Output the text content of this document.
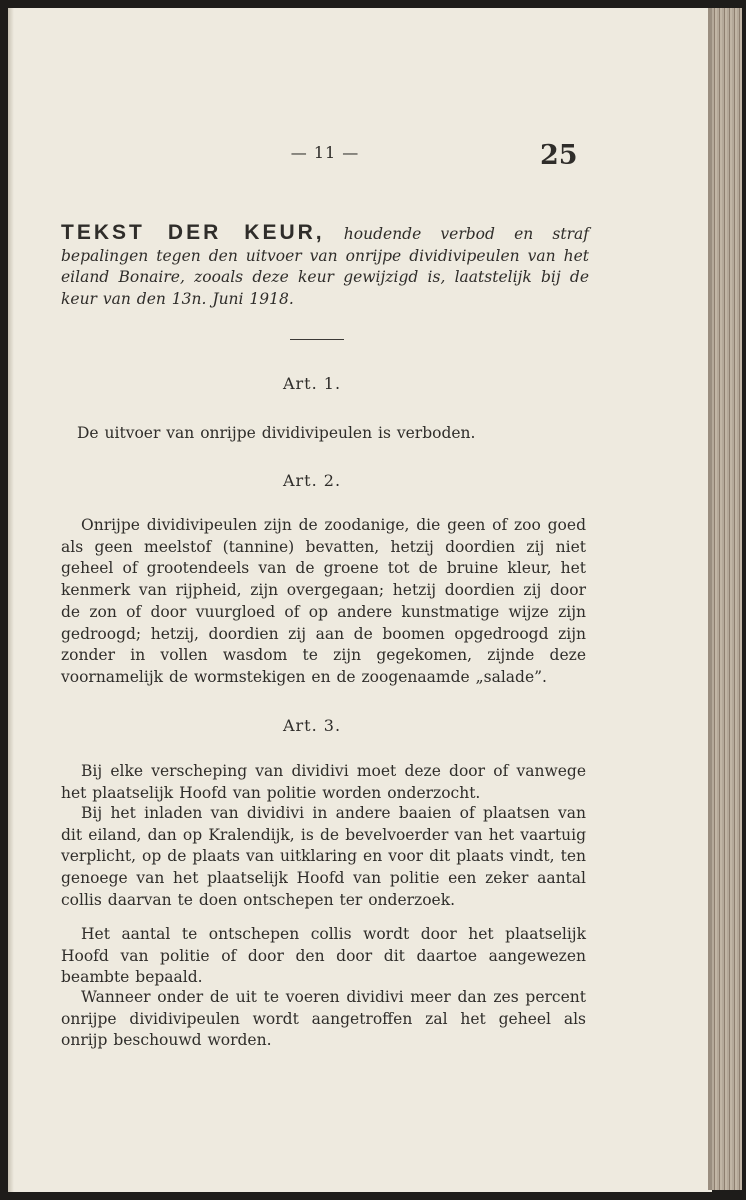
— 11 —	25
TEKST DER KEUR, houdende verbod en straf bepalingen tegen den uitvoer van onrijpe dividivipeulen van het eiland Bonaire, zooals deze keur gewijzigd is, laatstelijk bij de keur van den 13n. Juni 1918.
Art. 1.
De uitvoer van onrijpe dividivipeulen is verboden.
Art. 2.
Onrijpe dividivipeulen zijn de zoodanige, die geen of zoo goed als geen meelstof (tannine) bevatten, hetzij doordien zij niet geheel of grootendeels van de groene tot de bruine kleur, het kenmerk van rijpheid, zijn overgegaan; hetzij doordien zij door de zon of door vuurgloed of op andere kunstmatige wijze zijn gedroogd; hetzij, doordien zij aan de boomen opgedroogd zijn zonder in vollen wasdom te zijn gegekomen, zijnde deze voornamelijk de wormstekigen en de zoogenaamde „salade”.
Art. 3.
Bij elke verscheping van dividivi moet deze door of vanwege het plaatselijk Hoofd van politie worden onderzocht.
Bij het inladen van dividivi in andere baaien of plaatsen van dit eiland, dan op Kralendijk, is de bevelvoerder van het vaartuig verplicht, op de plaats van uitklaring en voor dit plaats vindt, ten genoege van het plaatselijk Hoofd van politie een zeker aantal collis daarvan te doen ontschepen ter onderzoek.
Het aantal te ontschepen collis wordt door het plaatselijk Hoofd van politie of door den door dit daartoe aangewezen beambte bepaald.
Wanneer onder de uit te voeren dividivi meer dan zes percent onrijpe dividivipeulen wordt aangetroffen zal het geheel als onrijp beschouwd worden.
